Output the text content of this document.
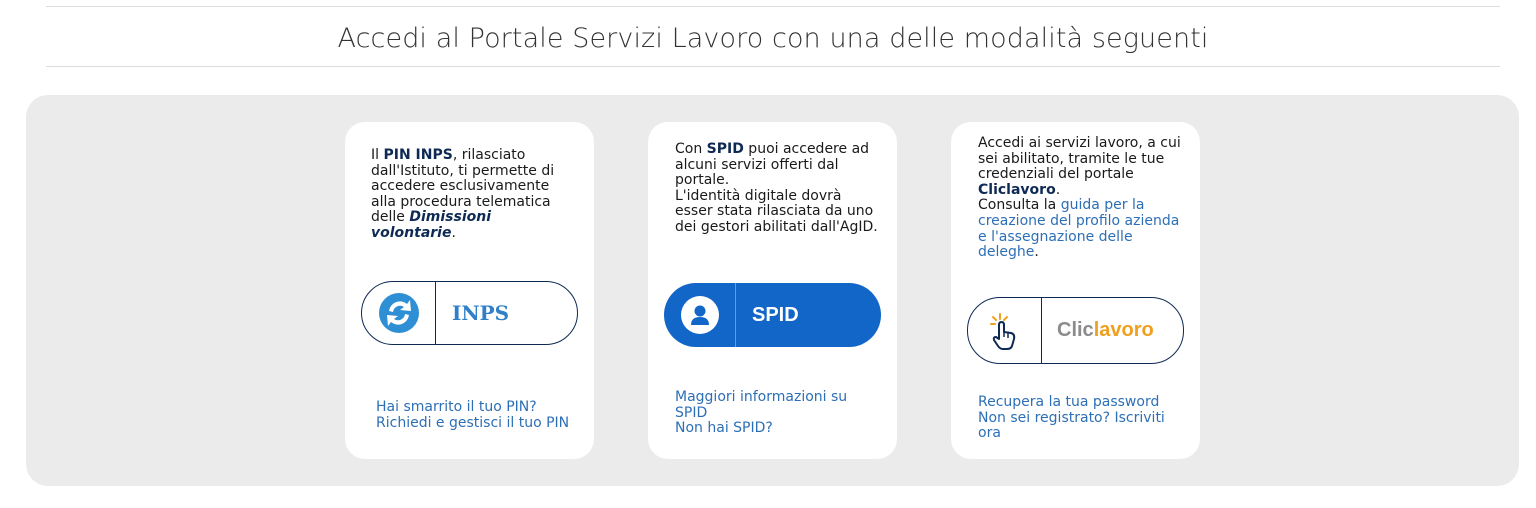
Accedi al Portale Servizi Lavoro con una delle modalità seguenti
Il PIN INPS, rilasciato dall'Istituto, ti permette di accedere esclusivamente alla procedura telematica delle Dimissioni volontarie.
INPS
Hai smarrito il tuo PIN?
Richiedi e gestisci il tuo PIN
Con SPID puoi accedere ad alcuni servizi offerti dal portale.
L'identità digitale dovrà esser stata rilasciata da uno dei gestori abilitati dall'AgID.
SPID
Maggiori informazioni su SPID
Non hai SPID?
Accedi ai servizi lavoro, a cui sei abilitato, tramite le tue credenziali del portale Cliclavoro.
Consulta la guida per la creazione del profilo azienda e l'assegnazione delle deleghe.
Cliclavoro
Recupera la tua password
Non sei registrato? Iscriviti ora
